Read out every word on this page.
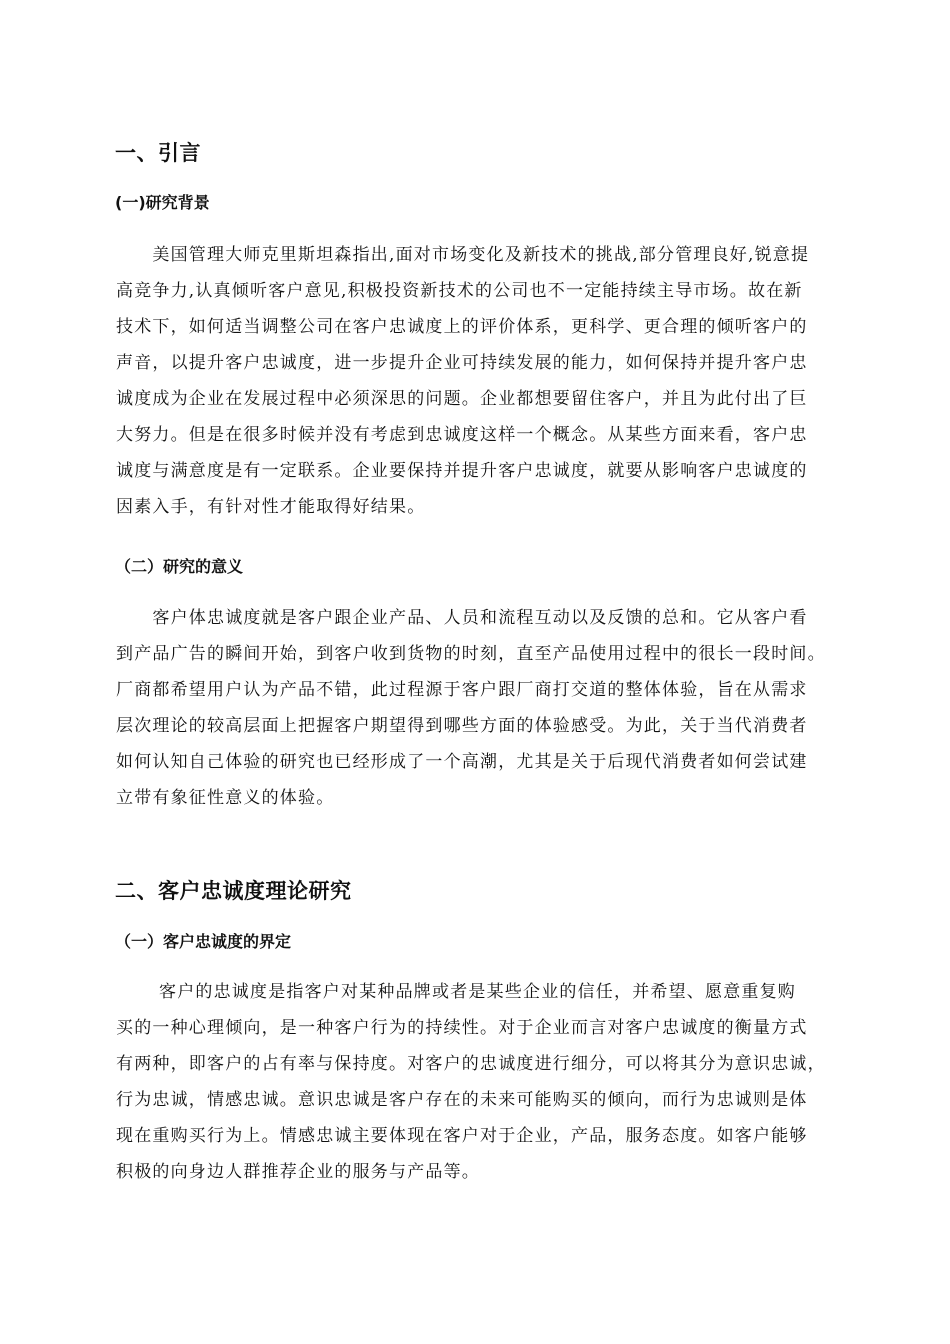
一、引言
(一)研究背景
　　美国管理大师克里斯坦森指出,面对市场变化及新技术的挑战,部分管理良好,锐意提
高竞争力,认真倾听客户意见,积极投资新技术的公司也不一定能持续主导市场。故在新
技术下，如何适当调整公司在客户忠诚度上的评价体系，更科学、更合理的倾听客户的
声音，以提升客户忠诚度，进一步提升企业可持续发展的能力，如何保持并提升客户忠
诚度成为企业在发展过程中必须深思的问题。企业都想要留住客户，并且为此付出了巨
大努力。但是在很多时候并没有考虑到忠诚度这样一个概念。从某些方面来看，客户忠
诚度与满意度是有一定联系。企业要保持并提升客户忠诚度，就要从影响客户忠诚度的
因素入手，有针对性才能取得好结果。
（二）研究的意义
　　客户体忠诚度就是客户跟企业产品、人员和流程互动以及反馈的总和。它从客户看
到产品广告的瞬间开始，到客户收到货物的时刻，直至产品使用过程中的很长一段时间。
厂商都希望用户认为产品不错，此过程源于客户跟厂商打交道的整体体验，旨在从需求
层次理论的较高层面上把握客户期望得到哪些方面的体验感受。为此，关于当代消费者
如何认知自己体验的研究也已经形成了一个高潮，尤其是关于后现代消费者如何尝试建
立带有象征性意义的体验。
二、客户忠诚度理论研究
（一）客户忠诚度的界定
　　 客户的忠诚度是指客户对某种品牌或者是某些企业的信任，并希望、愿意重复购
买的一种心理倾向，是一种客户行为的持续性。对于企业而言对客户忠诚度的衡量方式
有两种，即客户的占有率与保持度。对客户的忠诚度进行细分，可以将其分为意识忠诚，
行为忠诚，情感忠诚。意识忠诚是客户存在的未来可能购买的倾向，而行为忠诚则是体
现在重购买行为上。情感忠诚主要体现在客户对于企业，产品，服务态度。如客户能够
积极的向身边人群推荐企业的服务与产品等。
